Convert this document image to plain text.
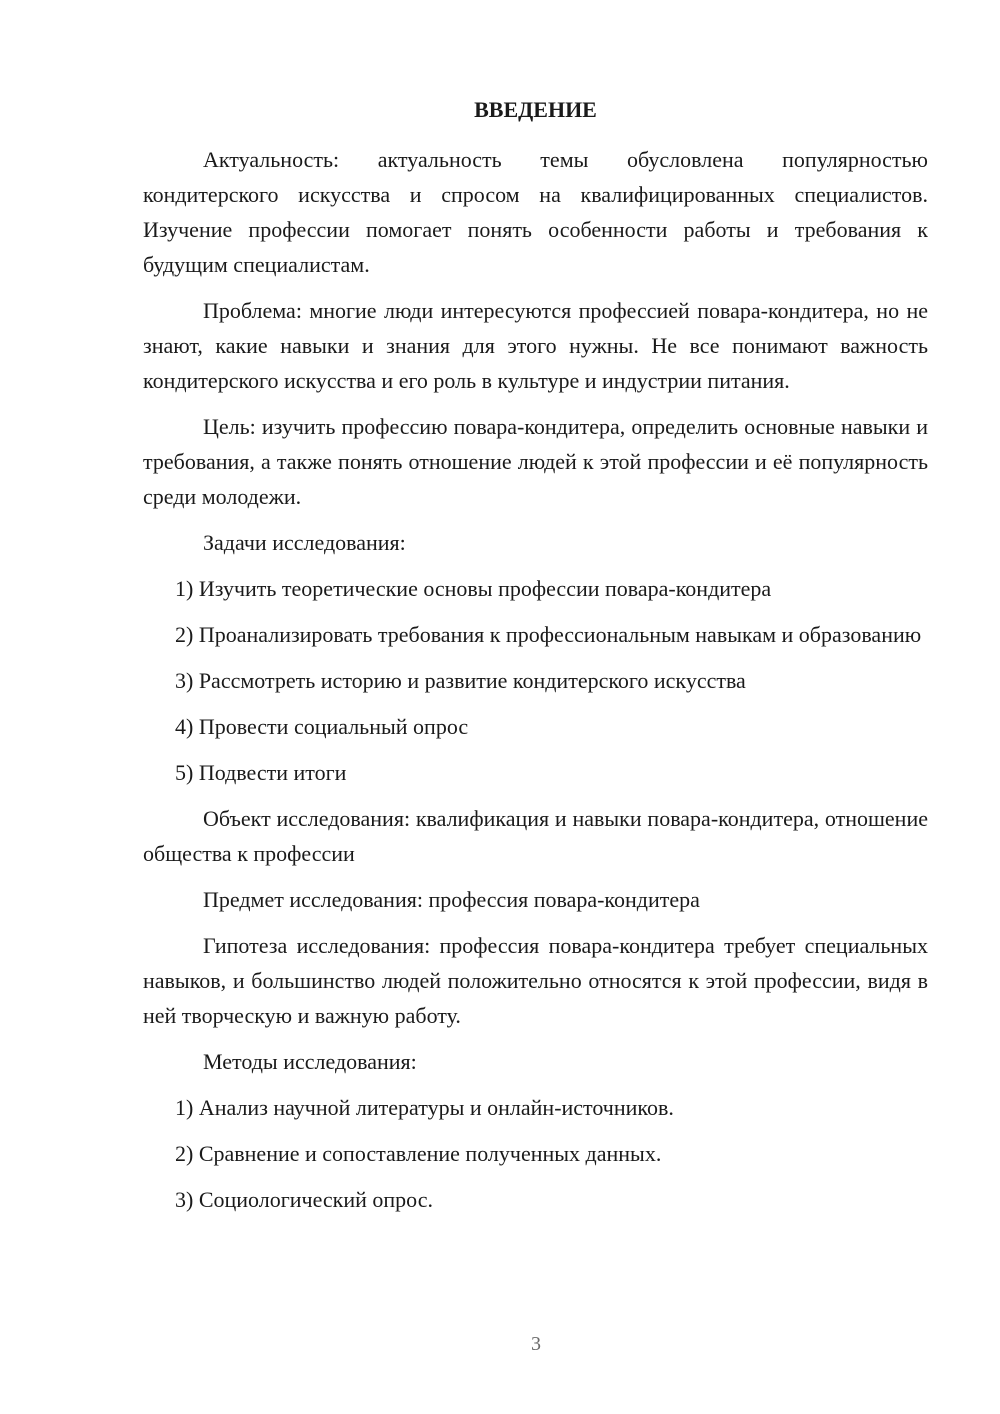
ВВЕДЕНИЕ

Актуальность: актуальность темы обусловлена популярностью кондитерского искусства и спросом на квалифицированных специалистов. Изучение профессии помогает понять особенности работы и требования к будущим специалистам.

Проблема: многие люди интересуются профессией повара-кондитера, но не знают, какие навыки и знания для этого нужны. Не все понимают важность кондитерского искусства и его роль в культуре и индустрии питания.

Цель: изучить профессию повара-кондитера, определить основные навыки и требования, а также понять отношение людей к этой профессии и её популярность среди молодежи.

Задачи исследования:

1) Изучить теоретические основы профессии повара-кондитера

2) Проанализировать требования к профессиональным навыкам и образованию

3) Рассмотреть историю и развитие кондитерского искусства

4) Провести социальный опрос

5) Подвести итоги

Объект исследования: квалификация и навыки повара-кондитера, отношение общества к профессии

Предмет исследования: профессия повара-кондитера

Гипотеза исследования: профессия повара-кондитера требует специальных навыков, и большинство людей положительно относятся к этой профессии, видя в ней творческую и важную работу.

Методы исследования:

1) Анализ научной литературы и онлайн-источников.

2) Сравнение и сопоставление полученных данных.

3) Социологический опрос.

3
